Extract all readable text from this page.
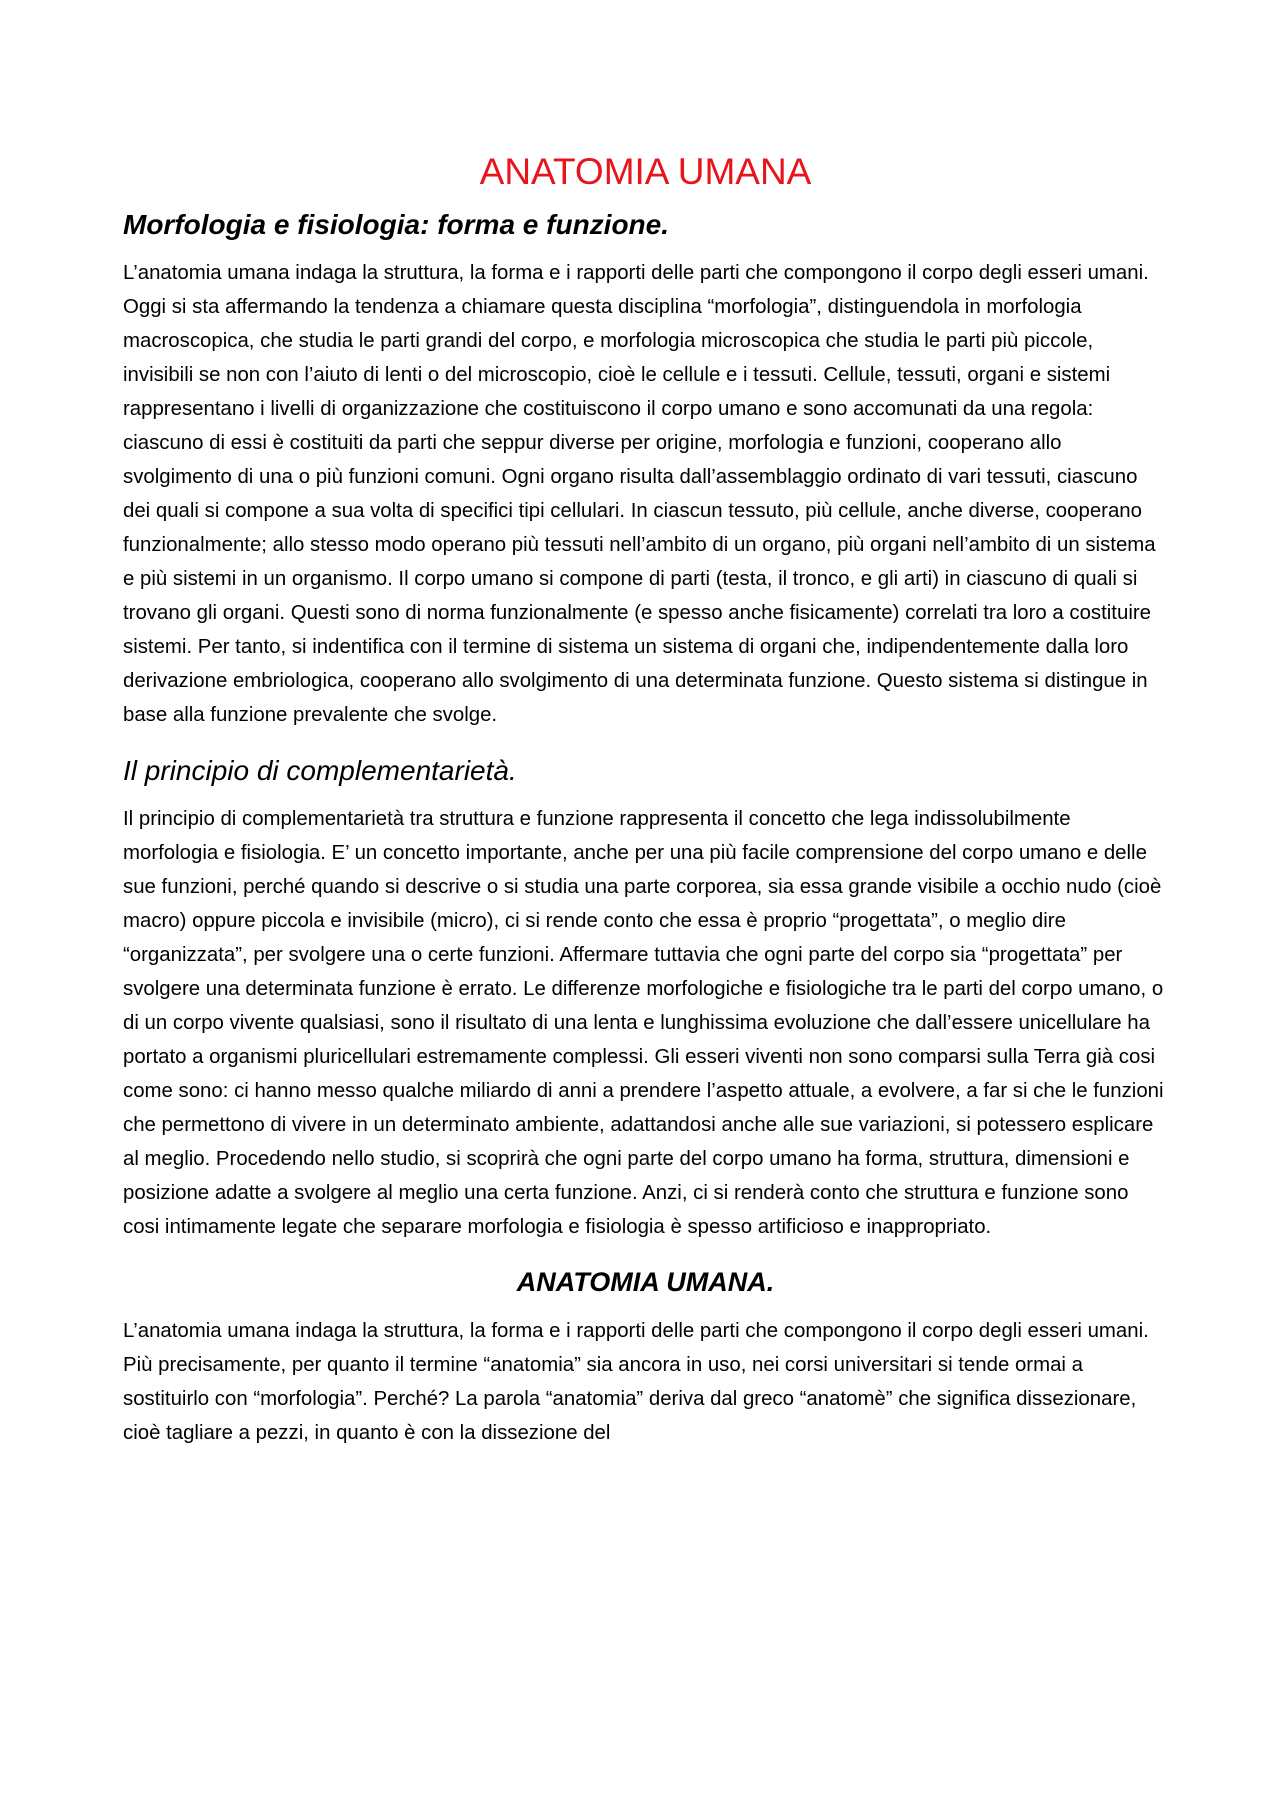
ANATOMIA UMANA
Morfologia e fisiologia: forma e funzione.

L’anatomia umana indaga la struttura, la forma e i rapporti delle parti che compongono il corpo degli esseri umani. Oggi si sta affermando la tendenza a chiamare questa disciplina “morfologia”, distinguendola in morfologia macroscopica, che studia le parti grandi del corpo, e morfologia microscopica che studia le parti più piccole, invisibili se non con l’aiuto di lenti o del microscopio, cioè le cellule e i tessuti. Cellule, tessuti, organi e sistemi rappresentano i livelli di organizzazione che costituiscono il corpo umano e sono accomunati da una regola: ciascuno di essi è costituiti da parti che seppur diverse per origine, morfologia e funzioni, cooperano allo svolgimento di una o più funzioni comuni. Ogni organo risulta dall’assemblaggio ordinato di vari tessuti, ciascuno dei quali si compone a sua volta di specifici tipi cellulari. In ciascun tessuto, più cellule, anche diverse, cooperano funzionalmente; allo stesso modo operano più tessuti nell’ambito di un organo, più organi nell’ambito di un sistema e più sistemi in un organismo. Il corpo umano si compone di parti (testa, il tronco, e gli arti) in ciascuno di quali si trovano gli organi. Questi sono di norma funzionalmente (e spesso anche fisicamente) correlati tra loro a costituire sistemi. Per tanto, si indentifica con il termine di sistema un sistema di organi che, indipendentemente dalla loro derivazione embriologica, cooperano allo svolgimento di una determinata funzione. Questo sistema si distingue in base alla funzione prevalente che svolge.

Il principio di complementarietà.

Il principio di complementarietà tra struttura e funzione rappresenta il concetto che lega indissolubilmente morfologia e fisiologia. E’ un concetto importante, anche per una più facile comprensione del corpo umano e delle sue funzioni, perché quando si descrive o si studia una parte corporea, sia essa grande visibile a occhio nudo (cioè macro) oppure piccola e invisibile (micro), ci si rende conto che essa è proprio “progettata”, o meglio dire “organizzata”, per svolgere una o certe funzioni. Affermare tuttavia che ogni parte del corpo sia “progettata” per svolgere una determinata funzione è errato. Le differenze morfologiche e fisiologiche tra le parti del corpo umano, o di un corpo vivente qualsiasi, sono il risultato di una lenta e lunghissima evoluzione che dall’essere unicellulare ha portato a organismi pluricellulari estremamente complessi. Gli esseri viventi non sono comparsi sulla Terra già cosi come sono: ci hanno messo qualche miliardo di anni a prendere l’aspetto attuale, a evolvere, a far si che le funzioni che permettono di vivere in un determinato ambiente, adattandosi anche alle sue variazioni, si potessero esplicare al meglio. Procedendo nello studio, si scoprirà che ogni parte del corpo umano ha forma, struttura, dimensioni e posizione adatte a svolgere al meglio una certa funzione. Anzi, ci si renderà conto che struttura e funzione sono cosi intimamente legate che separare morfologia e fisiologia è spesso artificioso e inappropriato.

ANATOMIA UMANA.

L’anatomia umana indaga la struttura, la forma e i rapporti delle parti che compongono il corpo degli esseri umani. Più precisamente, per quanto il termine “anatomia” sia ancora in uso, nei corsi universitari si tende ormai a sostituirlo con “morfologia”. Perché? La parola “anatomia” deriva dal greco “anatomè” che significa dissezionare, cioè tagliare a pezzi, in quanto è con la dissezione del
